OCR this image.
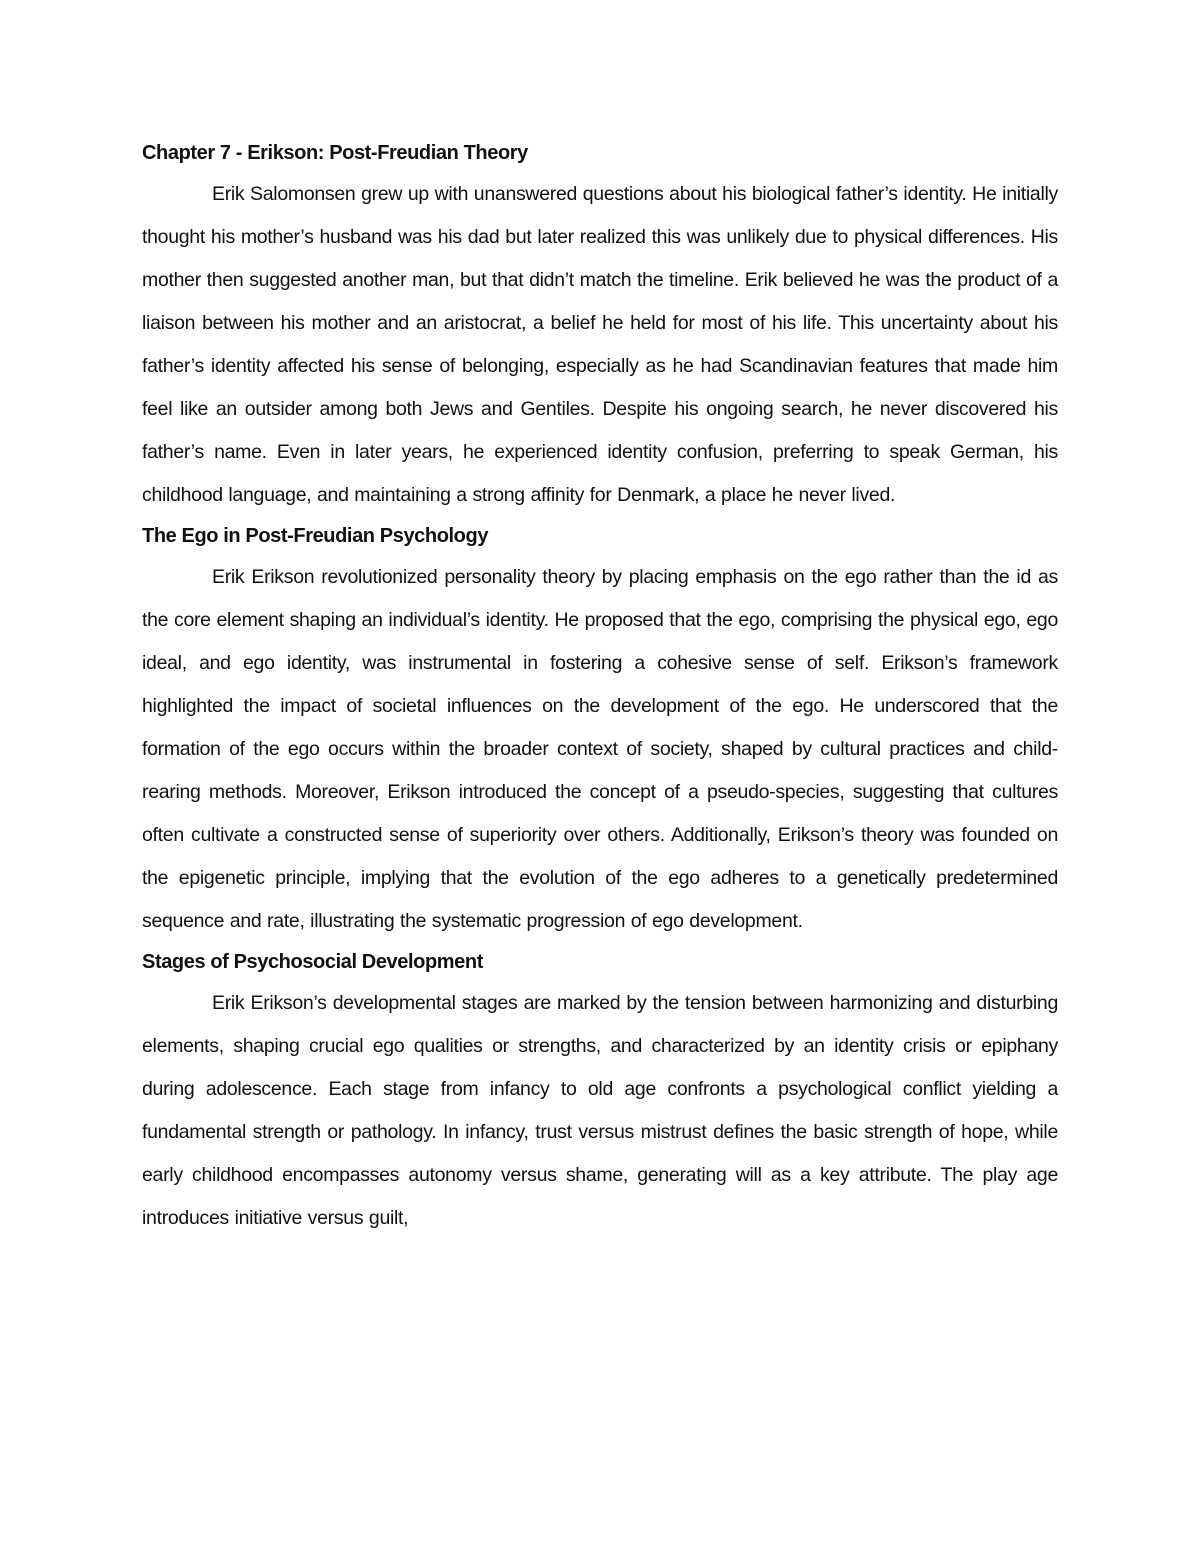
Chapter 7 - Erikson: Post-Freudian Theory

Erik Salomonsen grew up with unanswered questions about his biological father’s identity. He initially thought his mother’s husband was his dad but later realized this was unlikely due to physical differences. His mother then suggested another man, but that didn’t match the timeline. Erik believed he was the product of a liaison between his mother and an aristocrat, a belief he held for most of his life. This uncertainty about his father’s identity affected his sense of belonging, especially as he had Scandinavian features that made him feel like an outsider among both Jews and Gentiles. Despite his ongoing search, he never discovered his father’s name. Even in later years, he experienced identity confusion, preferring to speak German, his childhood language, and maintaining a strong affinity for Denmark, a place he never lived.

The Ego in Post-Freudian Psychology

Erik Erikson revolutionized personality theory by placing emphasis on the ego rather than the id as the core element shaping an individual’s identity. He proposed that the ego, comprising the physical ego, ego ideal, and ego identity, was instrumental in fostering a cohesive sense of self. Erikson’s framework highlighted the impact of societal influences on the development of the ego. He underscored that the formation of the ego occurs within the broader context of society, shaped by cultural practices and child-rearing methods. Moreover, Erikson introduced the concept of a pseudo-species, suggesting that cultures often cultivate a constructed sense of superiority over others. Additionally, Erikson’s theory was founded on the epigenetic principle, implying that the evolution of the ego adheres to a genetically predetermined sequence and rate, illustrating the systematic progression of ego development.

Stages of Psychosocial Development

Erik Erikson’s developmental stages are marked by the tension between harmonizing and disturbing elements, shaping crucial ego qualities or strengths, and characterized by an identity crisis or epiphany during adolescence. Each stage from infancy to old age confronts a psychological conflict yielding a fundamental strength or pathology. In infancy, trust versus mistrust defines the basic strength of hope, while early childhood encompasses autonomy versus shame, generating will as a key attribute. The play age introduces initiative versus guilt,
